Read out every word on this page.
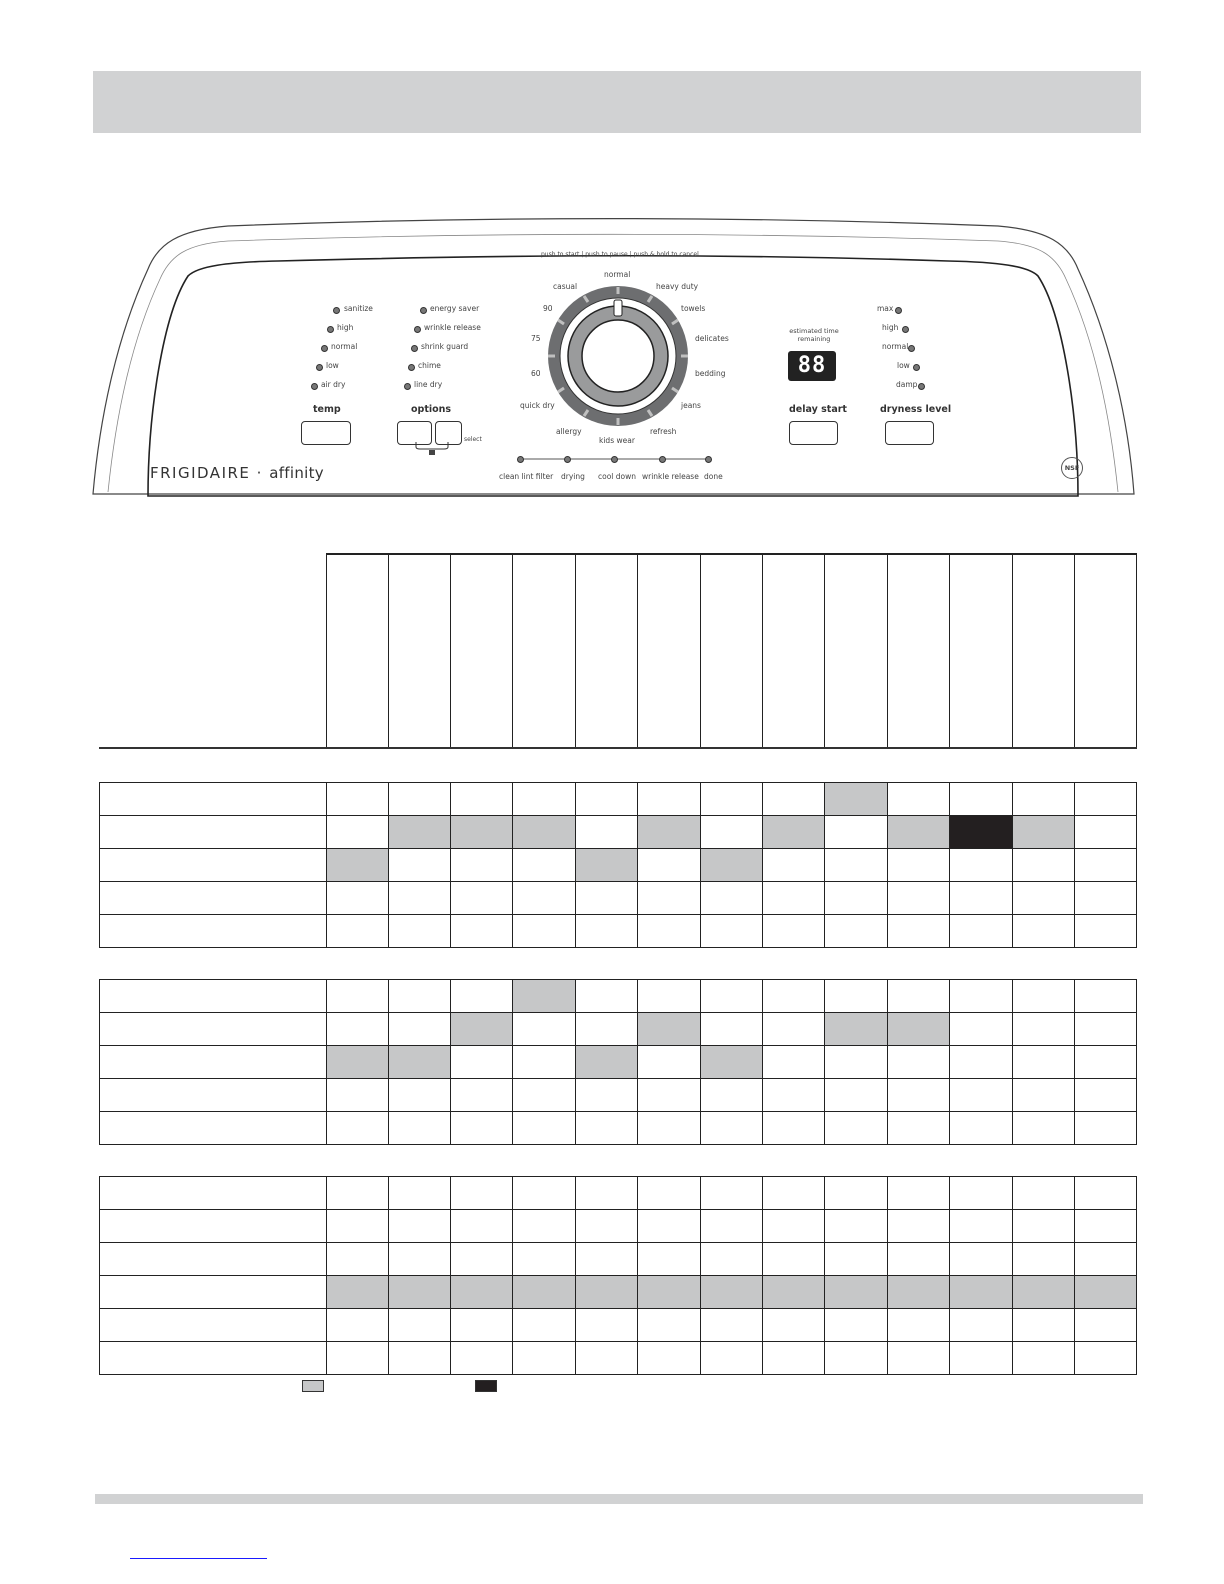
push to start | push to pause | push & hold to cancel
normal
casual	heavy duty
towels
delicates
bedding
jeans
refresh
kids wear
allergy
quick dry
90
75
60
sanitize
high
normal
low
air dry
temp
energy saver
wrinkle release
shrink guard
chime
line dry
options
select
clean lint filter drying cool down wrinkle release done
estimated time remaining
88
delay start
max
high
normal
low
damp
dryness level
FRIGIDAIRE · affinity	NSF
